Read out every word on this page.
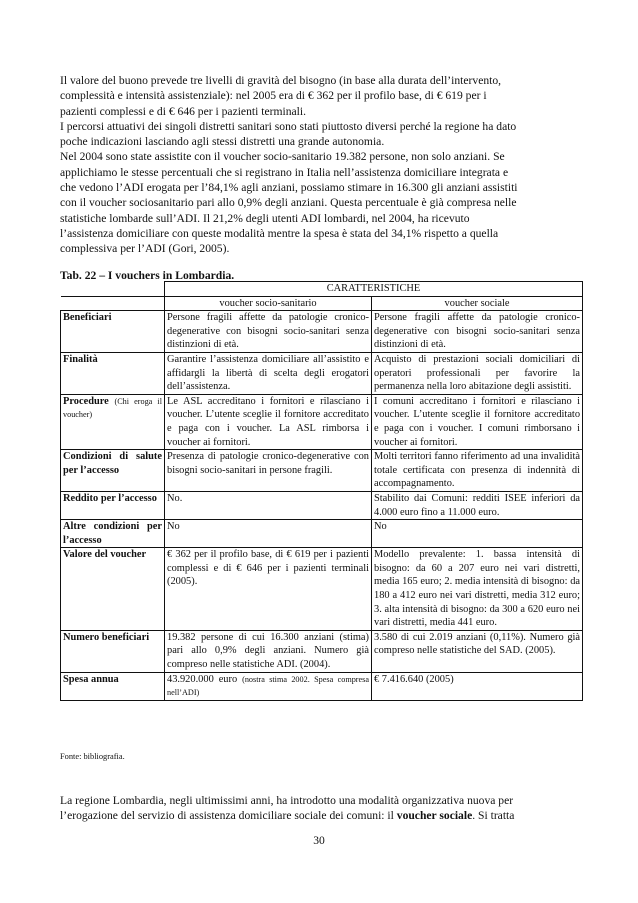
Il valore del buono prevede tre livelli di gravità del bisogno (in base alla durata dell’intervento,
complessità e intensità assistenziale): nel 2005 era di € 362 per il profilo base, di € 619 per i
pazienti complessi e di € 646 per i pazienti terminali.
I percorsi attuativi dei singoli distretti sanitari sono stati piuttosto diversi perché la regione ha dato
poche indicazioni lasciando agli stessi distretti una grande autonomia.
Nel 2004 sono state assistite con il voucher socio-sanitario 19.382 persone, non solo anziani. Se
applichiamo le stesse percentuali che si registrano in Italia nell’assistenza domiciliare integrata e
che vedono l’ADI erogata per l’84,1% agli anziani, possiamo stimare in 16.300 gli anziani assistiti
con il voucher sociosanitario pari allo 0,9% degli anziani. Questa percentuale è già compresa nelle
statistiche lombarde sull’ADI. Il 21,2% degli utenti ADI lombardi, nel 2004, ha ricevuto
l’assistenza domiciliare con queste modalità mentre la spesa è stata del 34,1% rispetto a quella
complessiva per l’ADI (Gori, 2005).

Tab. 22 – I vouchers in Lombardia.

	CARATTERISTICHE	
	voucher socio-sanitario	voucher sociale
Beneficiari	Persone fragili affette da patologie cronico-degenerative con bisogni socio-sanitari senza distinzioni di età.	Persone fragili affette da patologie cronico-degenerative con bisogni socio-sanitari senza distinzioni di età.
Finalità	Garantire l’assistenza domiciliare all’assistito e affidargli la libertà di scelta degli erogatori dell’assistenza.	Acquisto di prestazioni sociali domiciliari di operatori professionali per favorire la permanenza nella loro abitazione degli assistiti.
Procedure (Chi eroga il voucher)	Le ASL accreditano i fornitori e rilasciano i voucher. L’utente sceglie il fornitore accreditato e paga con i voucher. La ASL rimborsa i voucher ai fornitori.	I comuni accreditano i fornitori e rilasciano i voucher. L’utente sceglie il fornitore accreditato e paga con i voucher. I comuni rimborsano i voucher ai fornitori.
Condizioni di salute per l’accesso	Presenza di patologie cronico-degenerative con bisogni socio-sanitari in persone fragili.	Molti territori fanno riferimento ad una invalidità totale certificata con presenza di indennità di accompagnamento.
Reddito per l’accesso	No.	Stabilito dai Comuni: redditi ISEE inferiori da 4.000 euro fino a 11.000 euro.
Altre condizioni per l’accesso	No	No
Valore del voucher	€ 362 per il profilo base, di € 619 per i pazienti complessi e di € 646 per i pazienti terminali (2005).	Modello prevalente: 1. bassa intensità di bisogno: da 60 a 207 euro nei vari distretti, media 165 euro; 2. media intensità di bisogno: da 180 a 412 euro nei vari distretti, media 312 euro; 3. alta intensità di bisogno: da 300 a 620 euro nei vari distretti, media 441 euro.
Numero beneficiari	19.382 persone di cui 16.300 anziani (stima) pari allo 0,9% degli anziani. Numero già compreso nelle statistiche ADI. (2004).	3.580 di cui 2.019 anziani (0,11%). Numero già compreso nelle statistiche del SAD. (2005).
Spesa annua	43.920.000 euro (nostra stima 2002. Spesa compresa nell’ADI)	€ 7.416.640 (2005)

Fonte: bibliografia.

La regione Lombardia, negli ultimissimi anni, ha introdotto una modalità organizzativa nuova per
l’erogazione del servizio di assistenza domiciliare sociale dei comuni: il voucher sociale. Si tratta

30
